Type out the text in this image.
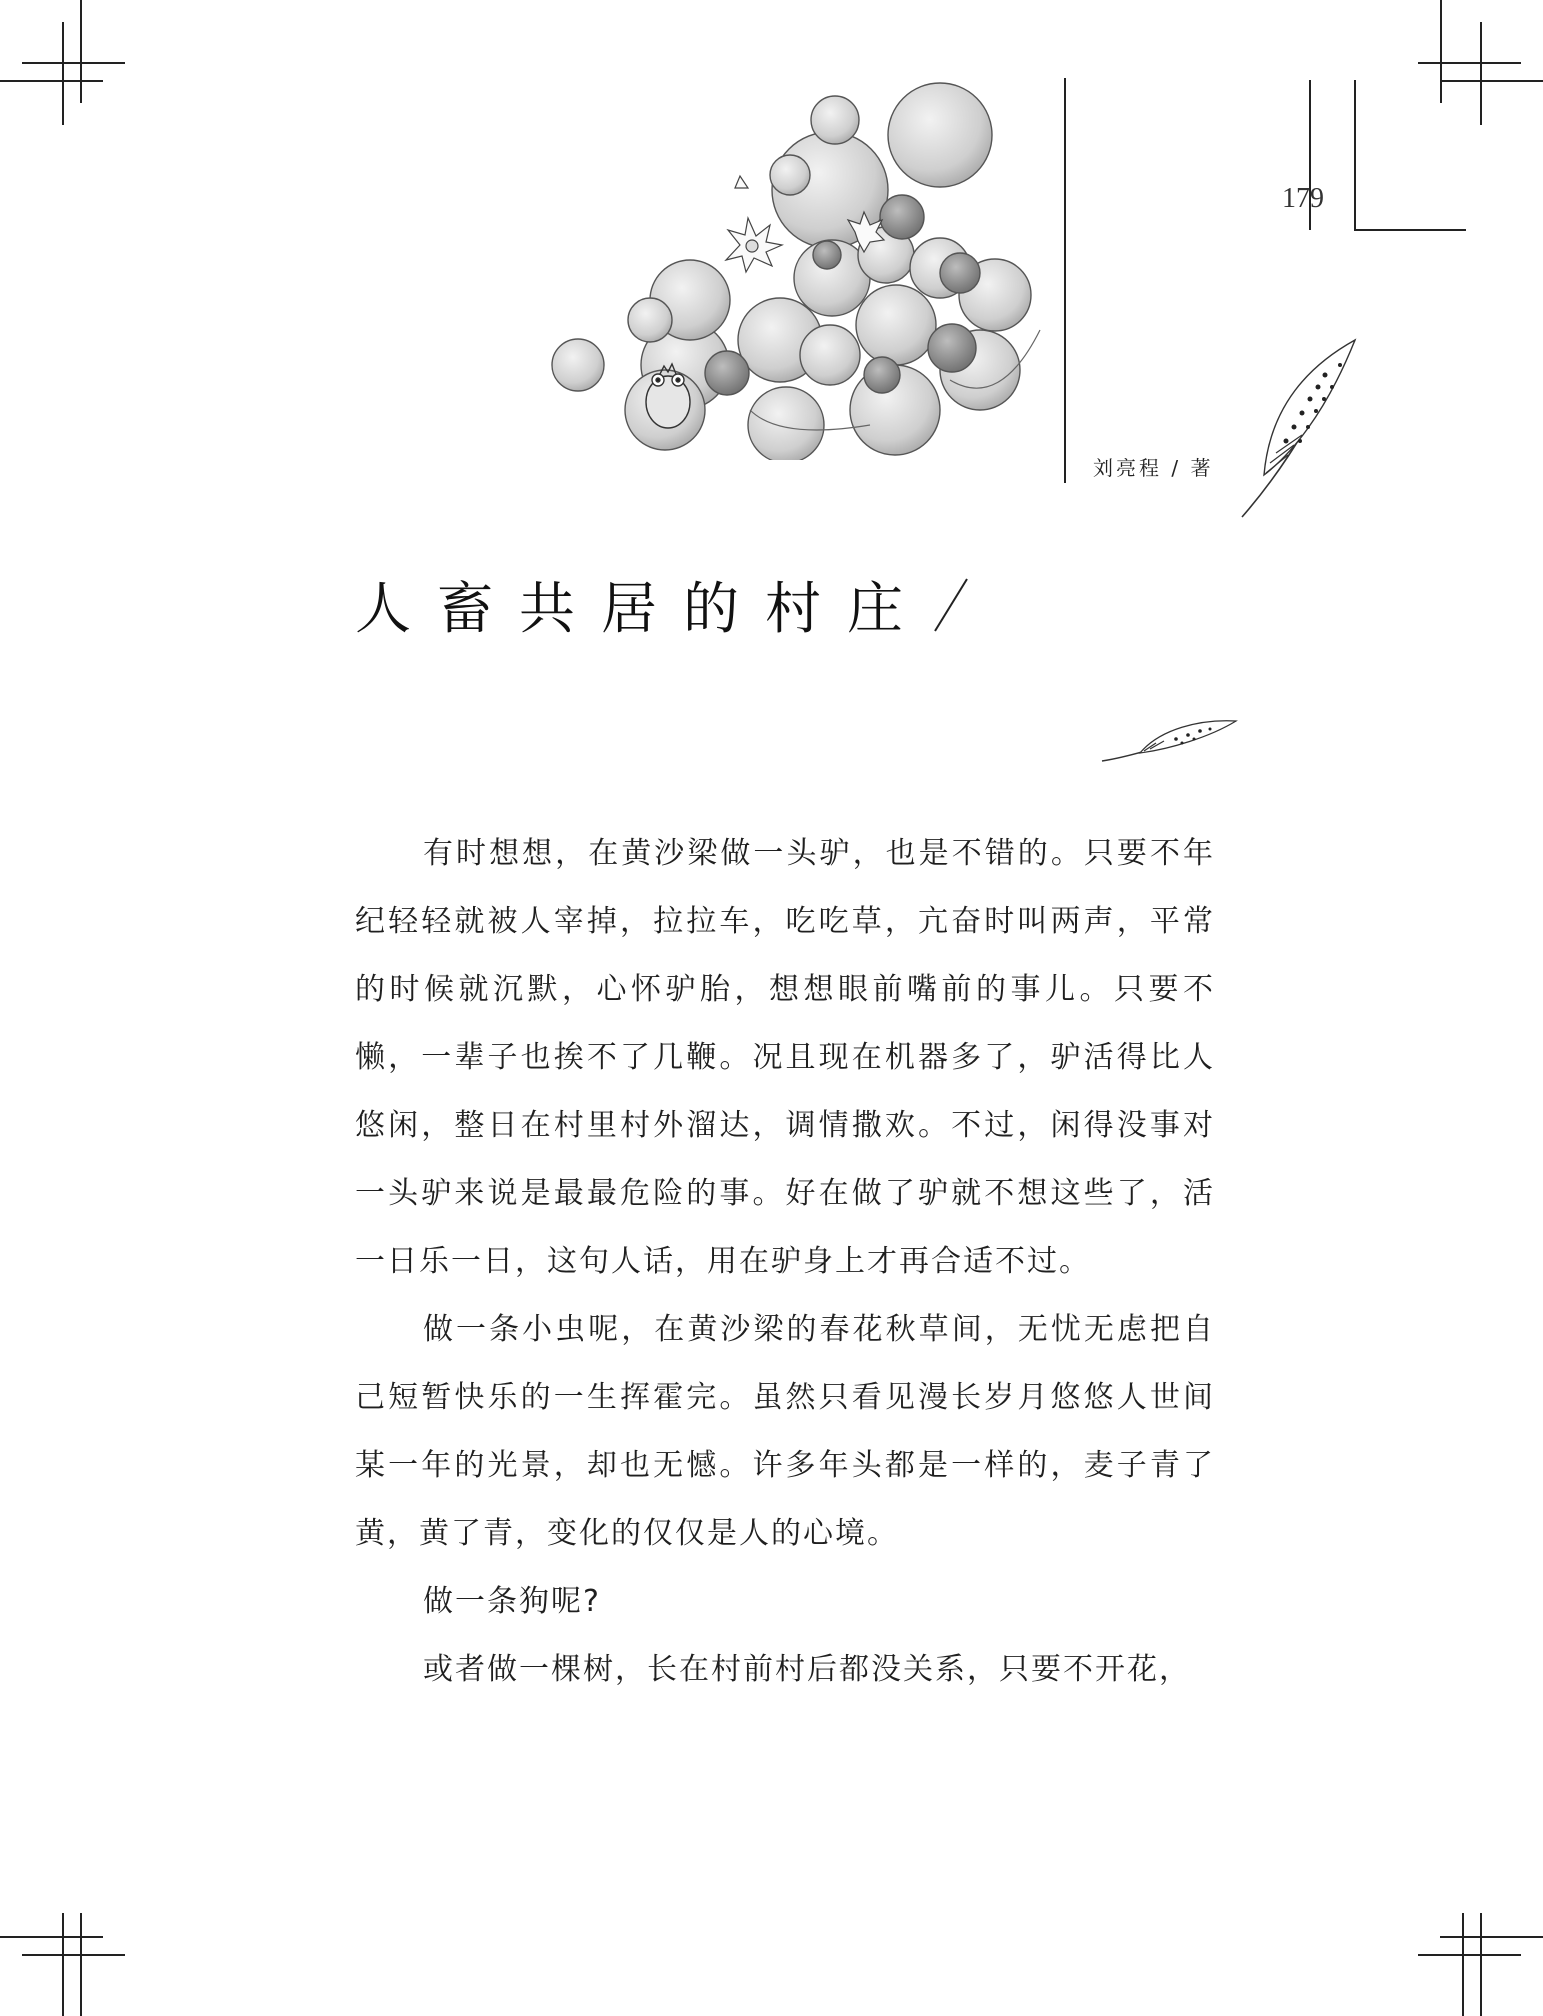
179
刘亮程 / 著
人畜共居的村庄

有时想想，在黄沙梁做一头驴，也是不错的。只要不年纪轻轻就被人宰掉，拉拉车，吃吃草，亢奋时叫两声，平常的时候就沉默，心怀驴胎，想想眼前嘴前的事儿。只要不懒，一辈子也挨不了几鞭。况且现在机器多了，驴活得比人悠闲，整日在村里村外溜达，调情撒欢。不过，闲得没事对一头驴来说是最最危险的事。好在做了驴就不想这些了，活一日乐一日，这句人话，用在驴身上才再合适不过。

做一条小虫呢，在黄沙梁的春花秋草间，无忧无虑把自己短暂快乐的一生挥霍完。虽然只看见漫长岁月悠悠人世间某一年的光景，却也无憾。许多年头都是一样的，麦子青了黄，黄了青，变化的仅仅是人的心境。

做一条狗呢?

或者做一棵树，长在村前村后都没关系，只要不开花，
